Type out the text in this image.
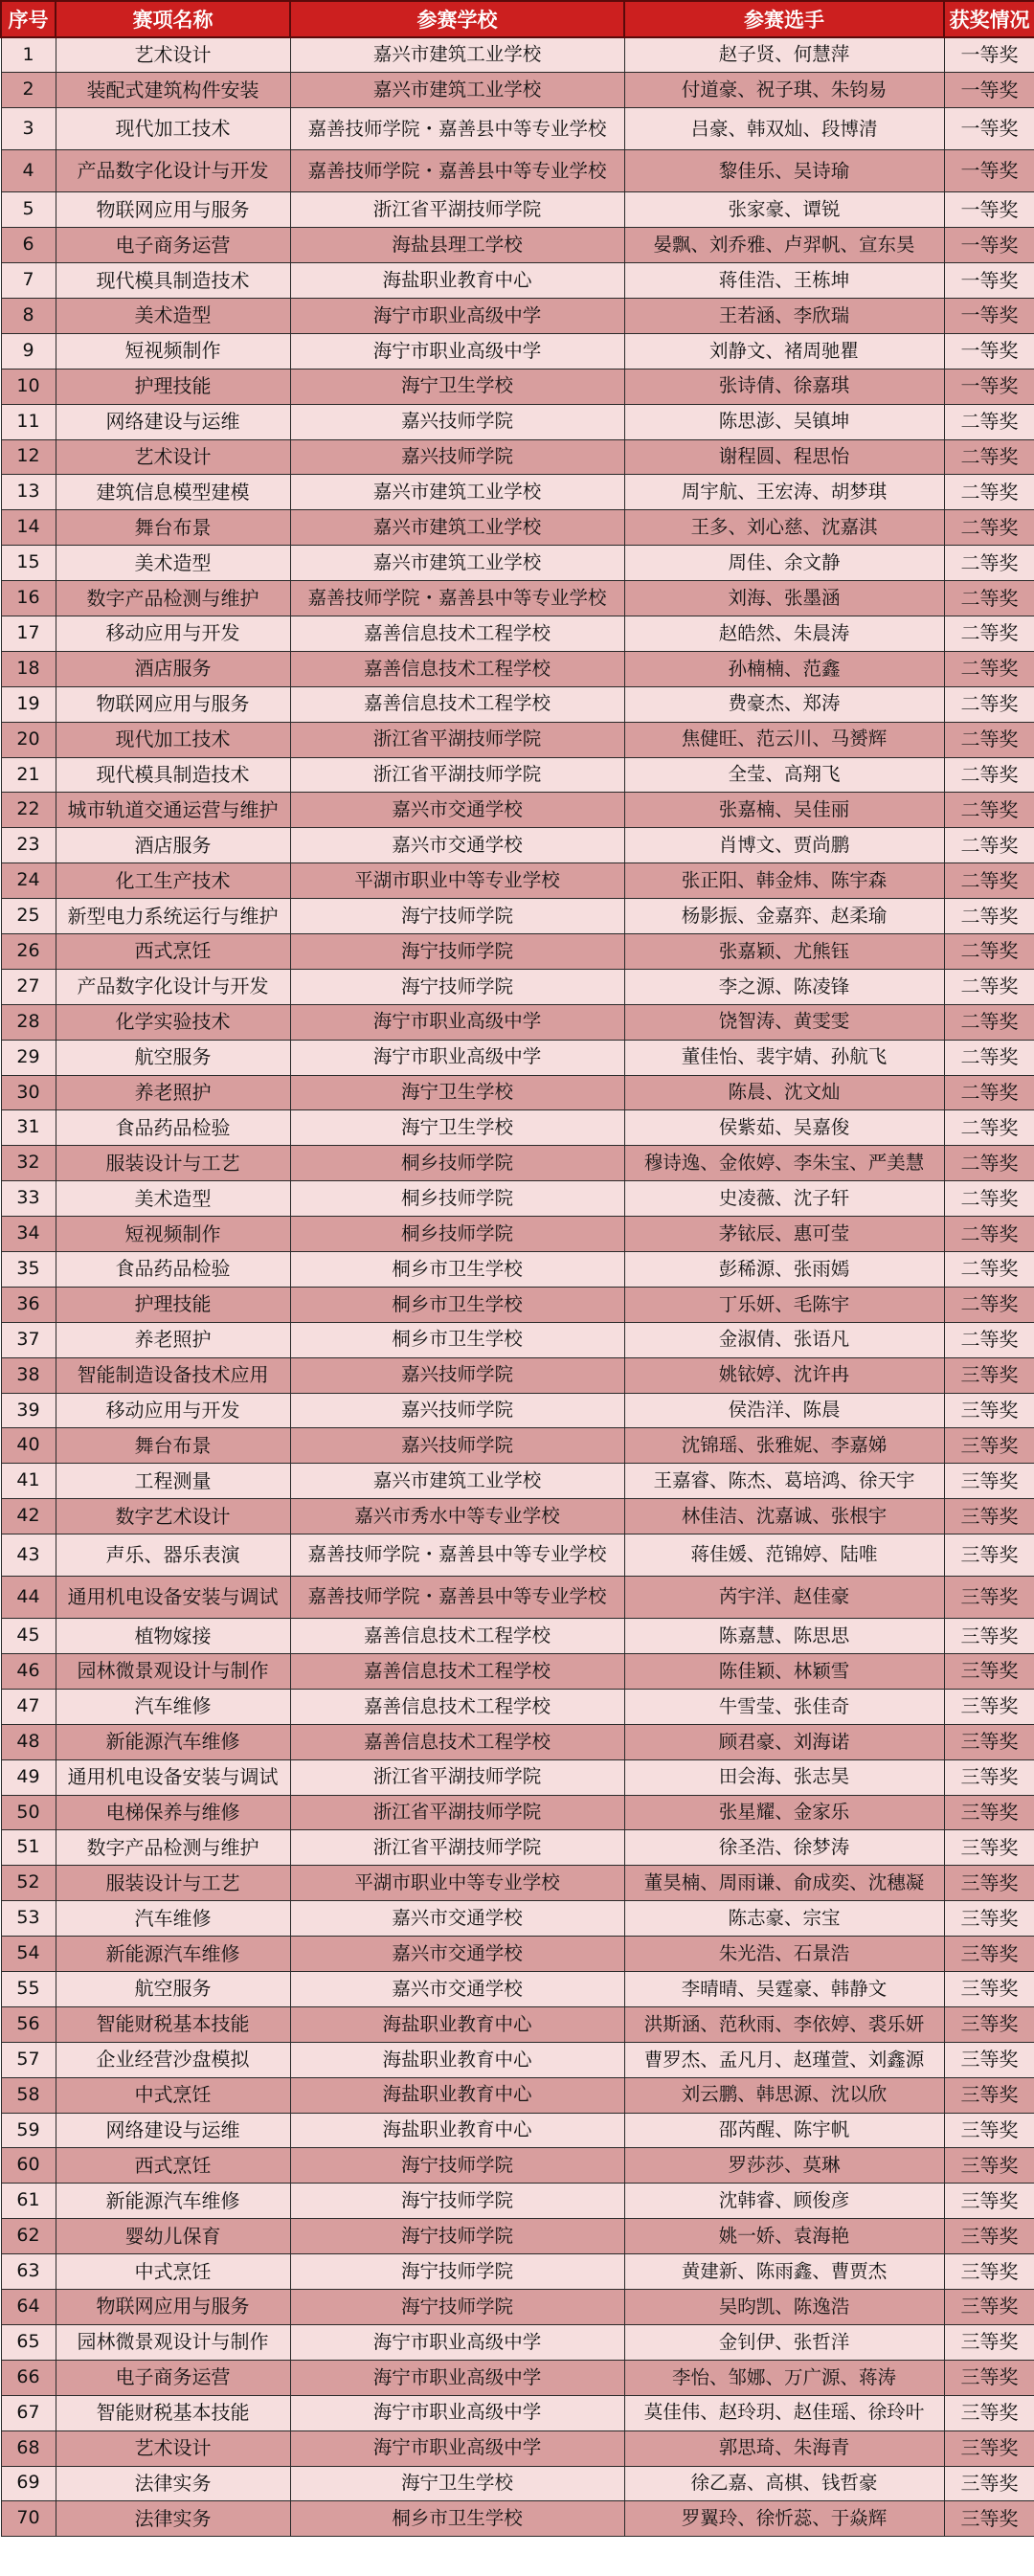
序号	赛项名称	参赛学校	参赛选手	获奖情况
1	艺术设计	嘉兴市建筑工业学校	赵子贤、何慧萍	一等奖
2	装配式建筑构件安装	嘉兴市建筑工业学校	付道豪、祝子琪、朱钧易	一等奖
3	现代加工技术	嘉善技师学院・嘉善县中等专业学校	吕豪、韩双灿、段博清	一等奖
4	产品数字化设计与开发	嘉善技师学院・嘉善县中等专业学校	黎佳乐、吴诗瑜	一等奖
5	物联网应用与服务	浙江省平湖技师学院	张家豪、谭锐	一等奖
6	电子商务运营	海盐县理工学校	晏飘、刘乔雅、卢羿帆、宣东昊	一等奖
7	现代模具制造技术	海盐职业教育中心	蒋佳浩、王栋坤	一等奖
8	美术造型	海宁市职业高级中学	王若涵、李欣瑞	一等奖
9	短视频制作	海宁市职业高级中学	刘静文、褚周驰瞿	一等奖
10	护理技能	海宁卫生学校	张诗倩、徐嘉琪	一等奖
11	网络建设与运维	嘉兴技师学院	陈思澎、吴镇坤	二等奖
12	艺术设计	嘉兴技师学院	谢程圆、程思怡	二等奖
13	建筑信息模型建模	嘉兴市建筑工业学校	周宇航、王宏涛、胡梦琪	二等奖
14	舞台布景	嘉兴市建筑工业学校	王多、刘心慈、沈嘉淇	二等奖
15	美术造型	嘉兴市建筑工业学校	周佳、余文静	二等奖
16	数字产品检测与维护	嘉善技师学院・嘉善县中等专业学校	刘海、张墨涵	二等奖
17	移动应用与开发	嘉善信息技术工程学校	赵皓然、朱晨涛	二等奖
18	酒店服务	嘉善信息技术工程学校	孙楠楠、范鑫	二等奖
19	物联网应用与服务	嘉善信息技术工程学校	费豪杰、郑涛	二等奖
20	现代加工技术	浙江省平湖技师学院	焦健旺、范云川、马赟辉	二等奖
21	现代模具制造技术	浙江省平湖技师学院	全莹、高翔飞	二等奖
22	城市轨道交通运营与维护	嘉兴市交通学校	张嘉楠、吴佳丽	二等奖
23	酒店服务	嘉兴市交通学校	肖博文、贾尚鹏	二等奖
24	化工生产技术	平湖市职业中等专业学校	张正阳、韩金炜、陈宇森	二等奖
25	新型电力系统运行与维护	海宁技师学院	杨影振、金嘉弈、赵柔瑜	二等奖
26	西式烹饪	海宁技师学院	张嘉颖、尤熊钰	二等奖
27	产品数字化设计与开发	海宁技师学院	李之源、陈凌锋	二等奖
28	化学实验技术	海宁市职业高级中学	饶智涛、黄雯雯	二等奖
29	航空服务	海宁市职业高级中学	董佳怡、裴宇婧、孙航飞	二等奖
30	养老照护	海宁卫生学校	陈晨、沈文灿	二等奖
31	食品药品检验	海宁卫生学校	侯紫茹、吴嘉俊	二等奖
32	服装设计与工艺	桐乡技师学院	穆诗逸、金侬婷、李朱宝、严美慧	二等奖
33	美术造型	桐乡技师学院	史凌薇、沈子轩	二等奖
34	短视频制作	桐乡技师学院	茅铱辰、惠可莹	二等奖
35	食品药品检验	桐乡市卫生学校	彭稀源、张雨嫣	二等奖
36	护理技能	桐乡市卫生学校	丁乐妍、毛陈宇	二等奖
37	养老照护	桐乡市卫生学校	金淑倩、张语凡	二等奖
38	智能制造设备技术应用	嘉兴技师学院	姚铱婷、沈许冉	三等奖
39	移动应用与开发	嘉兴技师学院	侯浩洋、陈晨	三等奖
40	舞台布景	嘉兴技师学院	沈锦瑶、张雅妮、李嘉娣	三等奖
41	工程测量	嘉兴市建筑工业学校	王嘉睿、陈杰、葛培鸿、徐天宇	三等奖
42	数字艺术设计	嘉兴市秀水中等专业学校	林佳洁、沈嘉诚、张根宇	三等奖
43	声乐、器乐表演	嘉善技师学院・嘉善县中等专业学校	蒋佳媛、范锦婷、陆唯	三等奖
44	通用机电设备安装与调试	嘉善技师学院・嘉善县中等专业学校	芮宇洋、赵佳豪	三等奖
45	植物嫁接	嘉善信息技术工程学校	陈嘉慧、陈思思	三等奖
46	园林微景观设计与制作	嘉善信息技术工程学校	陈佳颖、林颖雪	三等奖
47	汽车维修	嘉善信息技术工程学校	牛雪莹、张佳奇	三等奖
48	新能源汽车维修	嘉善信息技术工程学校	顾君豪、刘海诺	三等奖
49	通用机电设备安装与调试	浙江省平湖技师学院	田会海、张志昊	三等奖
50	电梯保养与维修	浙江省平湖技师学院	张星耀、金家乐	三等奖
51	数字产品检测与维护	浙江省平湖技师学院	徐圣浩、徐梦涛	三等奖
52	服装设计与工艺	平湖市职业中等专业学校	董昊楠、周雨谦、俞成奕、沈穗凝	三等奖
53	汽车维修	嘉兴市交通学校	陈志豪、宗宝	三等奖
54	新能源汽车维修	嘉兴市交通学校	朱光浩、石景浩	三等奖
55	航空服务	嘉兴市交通学校	李晴晴、吴霆豪、韩静文	三等奖
56	智能财税基本技能	海盐职业教育中心	洪斯涵、范秋雨、李依婷、裘乐妍	三等奖
57	企业经营沙盘模拟	海盐职业教育中心	曹罗杰、孟凡月、赵瑾萱、刘鑫源	三等奖
58	中式烹饪	海盐职业教育中心	刘云鹏、韩思源、沈以欣	三等奖
59	网络建设与运维	海盐职业教育中心	邵芮醒、陈宇帆	三等奖
60	西式烹饪	海宁技师学院	罗莎莎、莫琳	三等奖
61	新能源汽车维修	海宁技师学院	沈韩睿、顾俊彦	三等奖
62	婴幼儿保育	海宁技师学院	姚一娇、袁海艳	三等奖
63	中式烹饪	海宁技师学院	黄建新、陈雨鑫、曹贾杰	三等奖
64	物联网应用与服务	海宁技师学院	吴昀凯、陈逸浩	三等奖
65	园林微景观设计与制作	海宁市职业高级中学	金钊伊、张哲洋	三等奖
66	电子商务运营	海宁市职业高级中学	李怡、邹娜、万广源、蒋涛	三等奖
67	智能财税基本技能	海宁市职业高级中学	莫佳伟、赵玲玥、赵佳瑶、徐玲叶	三等奖
68	艺术设计	海宁市职业高级中学	郭思琦、朱海青	三等奖
69	法律实务	海宁卫生学校	徐乙嘉、高棋、钱哲豪	三等奖
70	法律实务	桐乡市卫生学校	罗翼玲、徐忻蕊、于焱辉	三等奖
